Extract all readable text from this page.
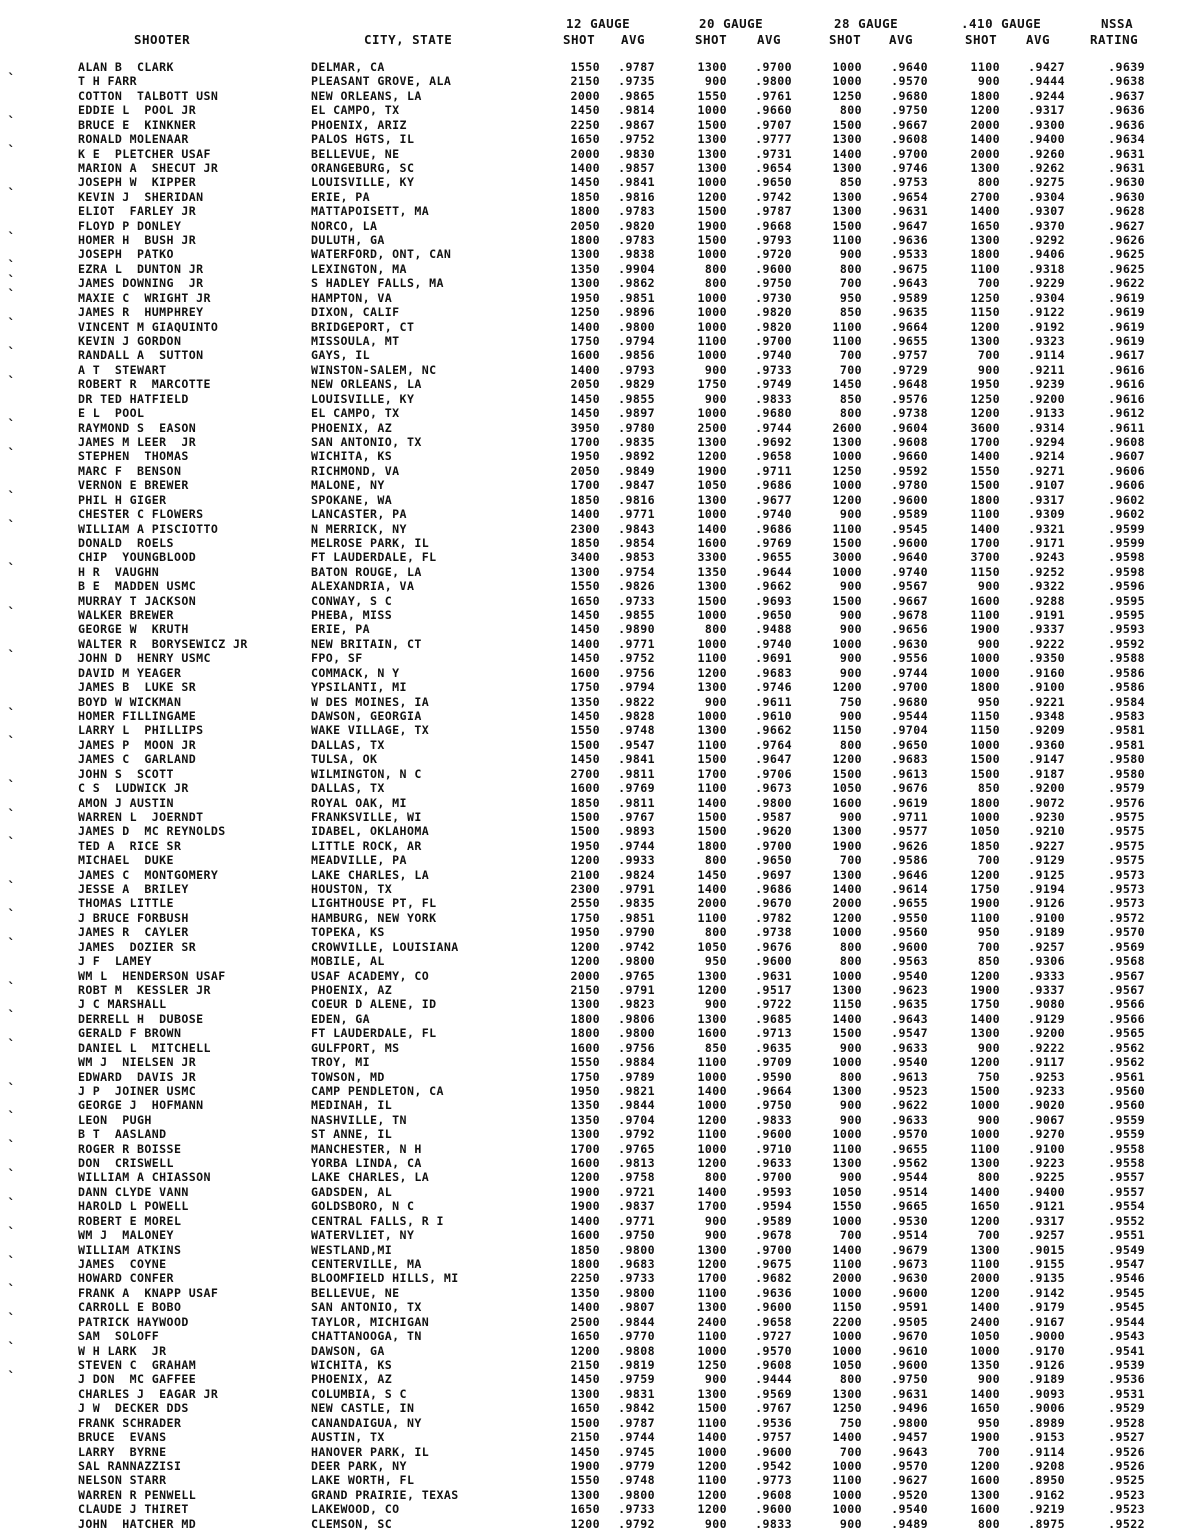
12 GAUGE	20 GAUGE	28 GAUGE	.410 GAUGE	NSSA
SHOOTER	CITY, STATE	SHOT AVG	SHOT AVG	SHOT AVG	SHOT AVG	RATING
ALAN B  CLARK	DELMAR, CA	1550	.9787	1300	.9700	1000	.9640	1100	.9427	.9639
ˎ
T H FARR	PLEASANT GROVE, ALA	2150	.9735	900	.9800	1000	.9570	900	.9444	.9638
COTTON  TALBOTT USN	NEW ORLEANS, LA	2000	.9865	1550	.9761	1250	.9680	1800	.9244	.9637
EDDIE L  POOL JR	EL CAMPO, TX	1450	.9814	1000	.9660	800	.9750	1200	.9317	.9636
ˎ
BRUCE E  KINKNER	PHOENIX, ARIZ	2250	.9867	1500	.9707	1500	.9667	2000	.9300	.9636
RONALD MOLENAAR	PALOS HGTS, IL	1650	.9752	1300	.9777	1300	.9608	1400	.9400	.9634
ˎ
K E  PLETCHER USAF	BELLEVUE, NE	2000	.9830	1300	.9731	1400	.9700	2000	.9260	.9631
MARION A  SHECUT JR	ORANGEBURG, SC	1400	.9857	1300	.9654	1300	.9746	1300	.9262	.9631
JOSEPH W  KIPPER	LOUISVILLE, KY	1450	.9841	1000	.9650	850	.9753	800	.9275	.9630
ˎ
KEVIN J  SHERIDAN	ERIE, PA	1850	.9816	1200	.9742	1300	.9654	2700	.9304	.9630
ELIOT  FARLEY JR	MATTAPOISETT, MA	1800	.9783	1500	.9787	1300	.9631	1400	.9307	.9628
FLOYD P DONLEY	NORCO, LA	2050	.9820	1900	.9668	1500	.9647	1650	.9370	.9627
ˎ
HOMER H  BUSH JR	DULUTH, GA	1800	.9783	1500	.9793	1100	.9636	1300	.9292	.9626
JOSEPH  PATKO	WATERFORD, ONT, CAN	1300	.9838	1000	.9720	900	.9533	1800	.9406	.9625
ˎ
EZRA L  DUNTON JR	LEXINGTON, MA	1350	.9904	800	.9600	800	.9675	1100	.9318	.9625
ˎ
JAMES DOWNING  JR	S HADLEY FALLS, MA	1300	.9862	800	.9750	700	.9643	700	.9229	.9622
ˎ
MAXIE C  WRIGHT JR	HAMPTON, VA	1950	.9851	1000	.9730	950	.9589	1250	.9304	.9619
JAMES R  HUMPHREY	DIXON, CALIF	1250	.9896	1000	.9820	850	.9635	1150	.9122	.9619
ˎ
VINCENT M GIAQUINTO	BRIDGEPORT, CT	1400	.9800	1000	.9820	1100	.9664	1200	.9192	.9619
KEVIN J GORDON	MISSOULA, MT	1750	.9794	1100	.9700	1100	.9655	1300	.9323	.9619
ˎ
RANDALL A  SUTTON	GAYS, IL	1600	.9856	1000	.9740	700	.9757	700	.9114	.9617
A T  STEWART	WINSTON-SALEM, NC	1400	.9793	900	.9733	700	.9729	900	.9211	.9616
ˎ
ROBERT R  MARCOTTE	NEW ORLEANS, LA	2050	.9829	1750	.9749	1450	.9648	1950	.9239	.9616
DR TED HATFIELD	LOUISVILLE, KY	1450	.9855	900	.9833	850	.9576	1250	.9200	.9616
E L  POOL	EL CAMPO, TX	1450	.9897	1000	.9680	800	.9738	1200	.9133	.9612
ˎ
RAYMOND S  EASON	PHOENIX, AZ	3950	.9780	2500	.9744	2600	.9604	3600	.9314	.9611
JAMES M LEER  JR	SAN ANTONIO, TX	1700	.9835	1300	.9692	1300	.9608	1700	.9294	.9608
ˎ
STEPHEN  THOMAS	WICHITA, KS	1950	.9892	1200	.9658	1000	.9660	1400	.9214	.9607
MARC F  BENSON	RICHMOND, VA	2050	.9849	1900	.9711	1250	.9592	1550	.9271	.9606
VERNON E BREWER	MALONE, NY	1700	.9847	1050	.9686	1000	.9780	1500	.9107	.9606
ˎ
PHIL H GIGER	SPOKANE, WA	1850	.9816	1300	.9677	1200	.9600	1800	.9317	.9602
CHESTER C FLOWERS	LANCASTER, PA	1400	.9771	1000	.9740	900	.9589	1100	.9309	.9602
ˎ
WILLIAM A PISCIOTTO	N MERRICK, NY	2300	.9843	1400	.9686	1100	.9545	1400	.9321	.9599
DONALD  ROELS	MELROSE PARK, IL	1850	.9854	1600	.9769	1500	.9600	1700	.9171	.9599
CHIP  YOUNGBLOOD	FT LAUDERDALE, FL	3400	.9853	3300	.9655	3000	.9640	3700	.9243	.9598
ˎ
H R  VAUGHN	BATON ROUGE, LA	1300	.9754	1350	.9644	1000	.9740	1150	.9252	.9598
B E  MADDEN USMC	ALEXANDRIA, VA	1550	.9826	1300	.9662	900	.9567	900	.9322	.9596
MURRAY T JACKSON	CONWAY, S C	1650	.9733	1500	.9693	1500	.9667	1600	.9288	.9595
ˎ
WALKER BREWER	PHEBA, MISS	1450	.9855	1000	.9650	900	.9678	1100	.9191	.9595
GEORGE W  KRUTH	ERIE, PA	1450	.9890	800	.9488	900	.9656	1900	.9337	.9593
WALTER R  BORYSEWICZ JR	NEW BRITAIN, CT	1400	.9771	1000	.9740	1000	.9630	900	.9222	.9592
ˎ
JOHN D  HENRY USMC	FPO, SF	1450	.9752	1100	.9691	900	.9556	1000	.9350	.9588
DAVID M YEAGER	COMMACK, N Y	1600	.9756	1200	.9683	900	.9744	1000	.9160	.9586
JAMES B  LUKE SR	YPSILANTI, MI	1750	.9794	1300	.9746	1200	.9700	1800	.9100	.9586
BOYD W WICKMAN	W DES MOINES, IA	1350	.9822	900	.9611	750	.9680	950	.9221	.9584
ˎ
HOMER FILLINGAME	DAWSON, GEORGIA	1450	.9828	1000	.9610	900	.9544	1150	.9348	.9583
LARRY L  PHILLIPS	WAKE VILLAGE, TX	1550	.9748	1300	.9662	1150	.9704	1150	.9209	.9581
ˎ
JAMES P  MOON JR	DALLAS, TX	1500	.9547	1100	.9764	800	.9650	1000	.9360	.9581
JAMES C  GARLAND	TULSA, OK	1450	.9841	1500	.9647	1200	.9683	1500	.9147	.9580
JOHN S  SCOTT	WILMINGTON, N C	2700	.9811	1700	.9706	1500	.9613	1500	.9187	.9580
ˎ
C S  LUDWICK JR	DALLAS, TX	1600	.9769	1100	.9673	1050	.9676	850	.9200	.9579
AMON J AUSTIN	ROYAL OAK, MI	1850	.9811	1400	.9800	1600	.9619	1800	.9072	.9576
ˎ
WARREN L  JOERNDT	FRANKSVILLE, WI	1500	.9767	1500	.9587	900	.9711	1000	.9230	.9575
JAMES D  MC REYNOLDS	IDABEL, OKLAHOMA	1500	.9893	1500	.9620	1300	.9577	1050	.9210	.9575
ˎ
TED A  RICE SR	LITTLE ROCK, AR	1950	.9744	1800	.9700	1900	.9626	1850	.9227	.9575
MICHAEL  DUKE	MEADVILLE, PA	1200	.9933	800	.9650	700	.9586	700	.9129	.9575
JAMES C  MONTGOMERY	LAKE CHARLES, LA	2100	.9824	1450	.9697	1300	.9646	1200	.9125	.9573
ˎ
JESSE A  BRILEY	HOUSTON, TX	2300	.9791	1400	.9686	1400	.9614	1750	.9194	.9573
THOMAS LITTLE	LIGHTHOUSE PT, FL	2550	.9835	2000	.9670	2000	.9655	1900	.9126	.9573
ˎ
J BRUCE FORBUSH	HAMBURG, NEW YORK	1750	.9851	1100	.9782	1200	.9550	1100	.9100	.9572
JAMES R  CAYLER	TOPEKA, KS	1950	.9790	800	.9738	1000	.9560	950	.9189	.9570
ˎ
JAMES  DOZIER SR	CROWVILLE, LOUISIANA	1200	.9742	1050	.9676	800	.9600	700	.9257	.9569
J F  LAMEY	MOBILE, AL	1200	.9800	950	.9600	800	.9563	850	.9306	.9568
WM L  HENDERSON USAF	USAF ACADEMY, CO	2000	.9765	1300	.9631	1000	.9540	1200	.9333	.9567
ˎ
ROBT M  KESSLER JR	PHOENIX, AZ	2150	.9791	1200	.9517	1300	.9623	1900	.9337	.9567
J C MARSHALL	COEUR D ALENE, ID	1300	.9823	900	.9722	1150	.9635	1750	.9080	.9566
ˎ
DERRELL H  DUBOSE	EDEN, GA	1800	.9806	1300	.9685	1400	.9643	1400	.9129	.9566
GERALD F BROWN	FT LAUDERDALE, FL	1800	.9800	1600	.9713	1500	.9547	1300	.9200	.9565
ˎ
DANIEL L  MITCHELL	GULFPORT, MS	1600	.9756	850	.9635	900	.9633	900	.9222	.9562
WM J  NIELSEN JR	TROY, MI	1550	.9884	1100	.9709	1000	.9540	1200	.9117	.9562
EDWARD  DAVIS JR	TOWSON, MD	1750	.9789	1000	.9590	800	.9613	750	.9253	.9561
ˎ
J P  JOINER USMC	CAMP PENDLETON, CA	1950	.9821	1400	.9664	1300	.9523	1500	.9233	.9560
GEORGE J  HOFMANN	MEDINAH, IL	1350	.9844	1000	.9750	900	.9622	1000	.9020	.9560
ˎ
LEON  PUGH	NASHVILLE, TN	1350	.9704	1200	.9833	900	.9633	900	.9067	.9559
B T  AASLAND	ST ANNE, IL	1300	.9792	1100	.9600	1000	.9570	1000	.9270	.9559
ˎ
ROGER R BOISSE	MANCHESTER, N H	1700	.9765	1000	.9710	1100	.9655	1100	.9100	.9558
DON  CRISWELL	YORBA LINDA, CA	1600	.9813	1200	.9633	1300	.9562	1300	.9223	.9558
ˎ
WILLIAM A CHIASSON	LAKE CHARLES, LA	1200	.9758	800	.9700	900	.9544	800	.9225	.9557
DANN CLYDE VANN	GADSDEN, AL	1900	.9721	1400	.9593	1050	.9514	1400	.9400	.9557
ˎ
HAROLD L POWELL	GOLDSBORO, N C	1900	.9837	1700	.9594	1550	.9665	1650	.9121	.9554
ROBERT E MOREL	CENTRAL FALLS, R I	1400	.9771	900	.9589	1000	.9530	1200	.9317	.9552
ˎ
WM J  MALONEY	WATERVLIET, NY	1600	.9750	900	.9678	700	.9514	700	.9257	.9551
WILLIAM ATKINS	WESTLAND,MI	1850	.9800	1300	.9700	1400	.9679	1300	.9015	.9549
ˎ
JAMES  COYNE	CENTERVILLE, MA	1800	.9683	1200	.9675	1100	.9673	1100	.9155	.9547
HOWARD CONFER	BLOOMFIELD HILLS, MI	2250	.9733	1700	.9682	2000	.9630	2000	.9135	.9546
ˎ
FRANK A  KNAPP USAF	BELLEVUE, NE	1350	.9800	1100	.9636	1000	.9600	1200	.9142	.9545
CARROLL E BOBO	SAN ANTONIO, TX	1400	.9807	1300	.9600	1150	.9591	1400	.9179	.9545
ˎ
PATRICK HAYWOOD	TAYLOR, MICHIGAN	2500	.9844	2400	.9658	2200	.9505	2400	.9167	.9544
SAM  SOLOFF	CHATTANOOGA, TN	1650	.9770	1100	.9727	1000	.9670	1050	.9000	.9543
ˎ
W H LARK  JR	DAWSON, GA	1200	.9808	1000	.9570	1000	.9610	1000	.9170	.9541
STEVEN C  GRAHAM	WICHITA, KS	2150	.9819	1250	.9608	1050	.9600	1350	.9126	.9539
ˎ
J DON  MC GAFFEE	PHOENIX, AZ	1450	.9759	900	.9444	800	.9750	900	.9189	.9536
CHARLES J  EAGAR JR	COLUMBIA, S C	1300	.9831	1300	.9569	1300	.9631	1400	.9093	.9531
J W  DECKER DDS	NEW CASTLE, IN	1650	.9842	1500	.9767	1250	.9496	1650	.9006	.9529
FRANK SCHRADER	CANANDAIGUA, NY	1500	.9787	1100	.9536	750	.9800	950	.8989	.9528
BRUCE  EVANS	AUSTIN, TX	2150	.9744	1400	.9757	1400	.9457	1900	.9153	.9527
LARRY  BYRNE	HANOVER PARK, IL	1450	.9745	1000	.9600	700	.9643	700	.9114	.9526
SAL RANNAZZISI	DEER PARK, NY	1900	.9779	1200	.9542	1000	.9570	1200	.9208	.9526
NELSON STARR	LAKE WORTH, FL	1550	.9748	1100	.9773	1100	.9627	1600	.8950	.9525
WARREN R PENWELL	GRAND PRAIRIE, TEXAS	1300	.9800	1200	.9608	1000	.9520	1300	.9162	.9523
CLAUDE J THIRET	LAKEWOOD, CO	1650	.9733	1200	.9600	1000	.9540	1600	.9219	.9523
JOHN  HATCHER MD	CLEMSON, SC	1200	.9792	900	.9833	900	.9489	800	.8975	.9522
